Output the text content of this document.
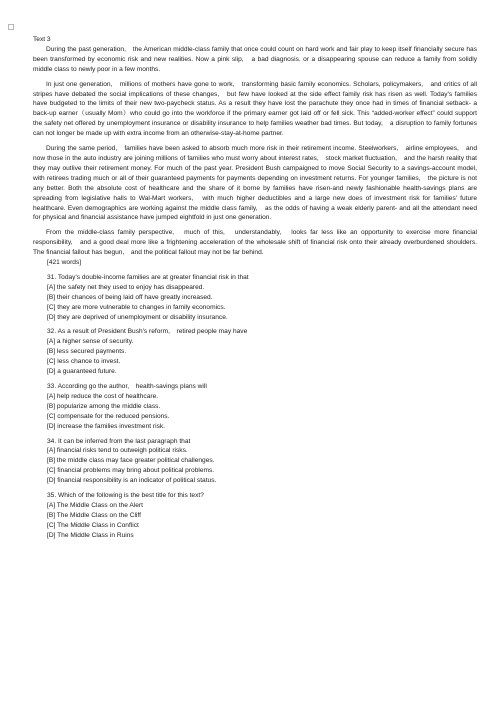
Text 3

During the past generation,　the American middle-class family that once could count on hard work and fair play to keep itself financially secure has been transformed by economic risk and new realities. Now a pink slip,　a bad diagnosis. or a disappearing spouse can reduce a family from solidly middle class to newly poor in a few months.

In just one generation,　millions of mothers have gone to work,　transforming basic family economics. Scholars, policymakers,　and critics of all stripes have debated the social implications of these changes,　but few have looked at the side effect family risk has risen as well. Today's families have budgeted to the limits of their new two-paycheck status. As a result they have lost the parachute they once had in times of financial setback- a back-up earner（usually Mom）who could go into the workforce if the primary earner got laid off or fell sick. This “added-worker effect” could support the safety net offered by unemployment insurance or disability insurance to help families weather bad times. But today,　a disruption to family fortunes can not longer be made up with extra income from an otherwise-stay-at-home partner.

During the same period,　families have been asked to absorb much more risk in their retirement income. Steelworkers,　airline employees,　and now those in the auto industry are joining millions of families who must worry about interest rates,　stock market fluctuation,　and the harsh reality that they may outlive their retirement money. For much of the past year. President Bush campaigned to move Social Security to a savings-account model,　with retirees trading much or all of their guaranteed payments for payments depending on investment returns. For younger families,　the picture is not any better. Both the absolute cost of healthcare and the share of it borne by families have risen-and newly fashionable health-savings plans are spreading from legislative halls to Wal-Mart workers,　with much higher deductibles and a large new does of investment risk for families' future healthcare. Even demographics are working against the middle class family,　as the odds of having a weak elderly parent- and all the attendant need for physical and financial assistance have jumped eightfold in just one generation.

From the middle-class family perspective,　much of this,　understandably,　looks far less like an opportunity to exercise more financial responsibility,　and a good deal more like a frightening acceleration of the wholesale shift of financial risk onto their already overburdened shoulders. The financial fallout has begun,　and the political fallout may not be far behind.

[421 words]

31. Today's double-income families are at greater financial risk in that

[A] the safety net they used to enjoy has disappeared.

[B] their chances of being laid off have greatly increased.

[C] they are more vulnerable to changes in family economics.

[D] they are deprived of unemployment or disability insurance.

32. As a result of President Bush's reform,　retired people may have

[A] a higher sense of security.

[B] less secured payments.

[C] less chance to invest.

[D] a guaranteed future.

33. According go the author,　health-savings plans will

[A] help reduce the cost of healthcare.

[B] popularize among the middle class.

[C] compensate for the reduced pensions.

[D] increase the families investment risk.

34. It can be inferred from the last paragraph that

[A] financial risks tend to outweigh political risks.

[B] the middle class may face greater political challenges.

[C] financial problems may bring about political problems.

[D] financial responsibility is an indicator of political status.

35. Which of the following is the best title for this text?

[A] The Middle Class on the Alert

[B] The Middle Class on the Cliff

[C] The Middle Class in Conflict

[D] The Middle Class in Ruins
